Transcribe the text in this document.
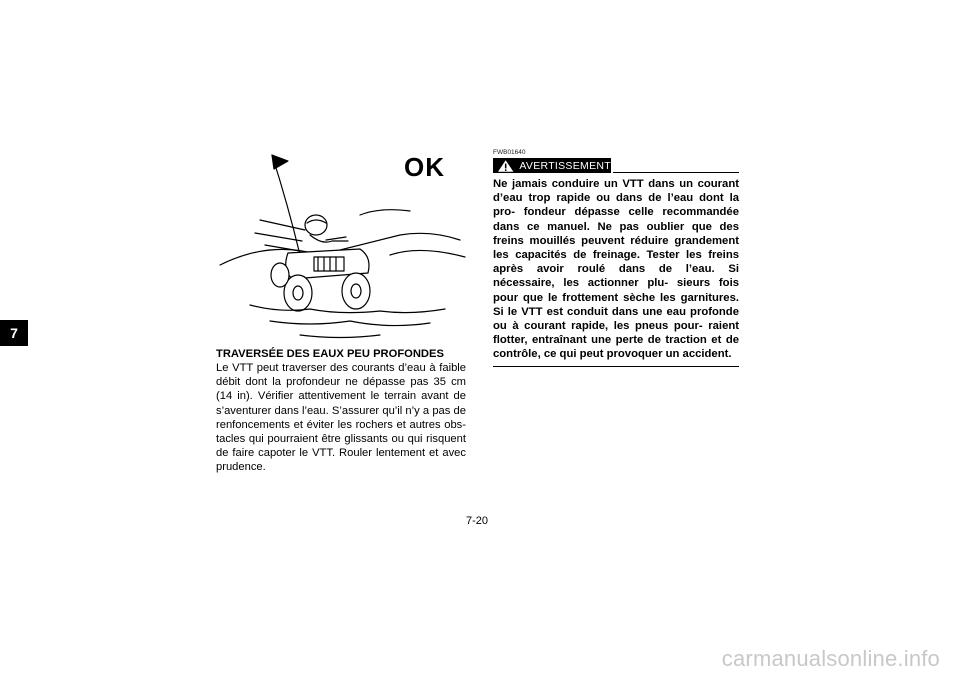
7
OK
TRAVERSÉE DES EAUX PEU PROFONDES

Le VTT peut traverser des courants d’eau à faible débit dont la profondeur ne dépasse pas 35 cm (14 in). Vérifier attentivement le terrain avant de s’aventurer dans l’eau. S’assurer qu’il n’y a pas de renfoncements et éviter les rochers et autres obs- tacles qui pourraient être glissants ou qui risquent de faire capoter le VTT. Rouler lentement et avec prudence.

FWB01640
AVERTISSEMENT

Ne jamais conduire un VTT dans un courant d’eau trop rapide ou dans de l’eau dont la pro- fondeur dépasse celle recommandée dans ce manuel. Ne pas oublier que des freins mouillés peuvent réduire grandement les capacités de freinage. Tester les freins après avoir roulé dans de l’eau. Si nécessaire, les actionner plu- sieurs fois pour que le frottement sèche les garnitures. Si le VTT est conduit dans une eau profonde ou à courant rapide, les pneus pour- raient flotter, entraînant une perte de traction et de contrôle, ce qui peut provoquer un accident.

7-20
carmanualsonline.info
